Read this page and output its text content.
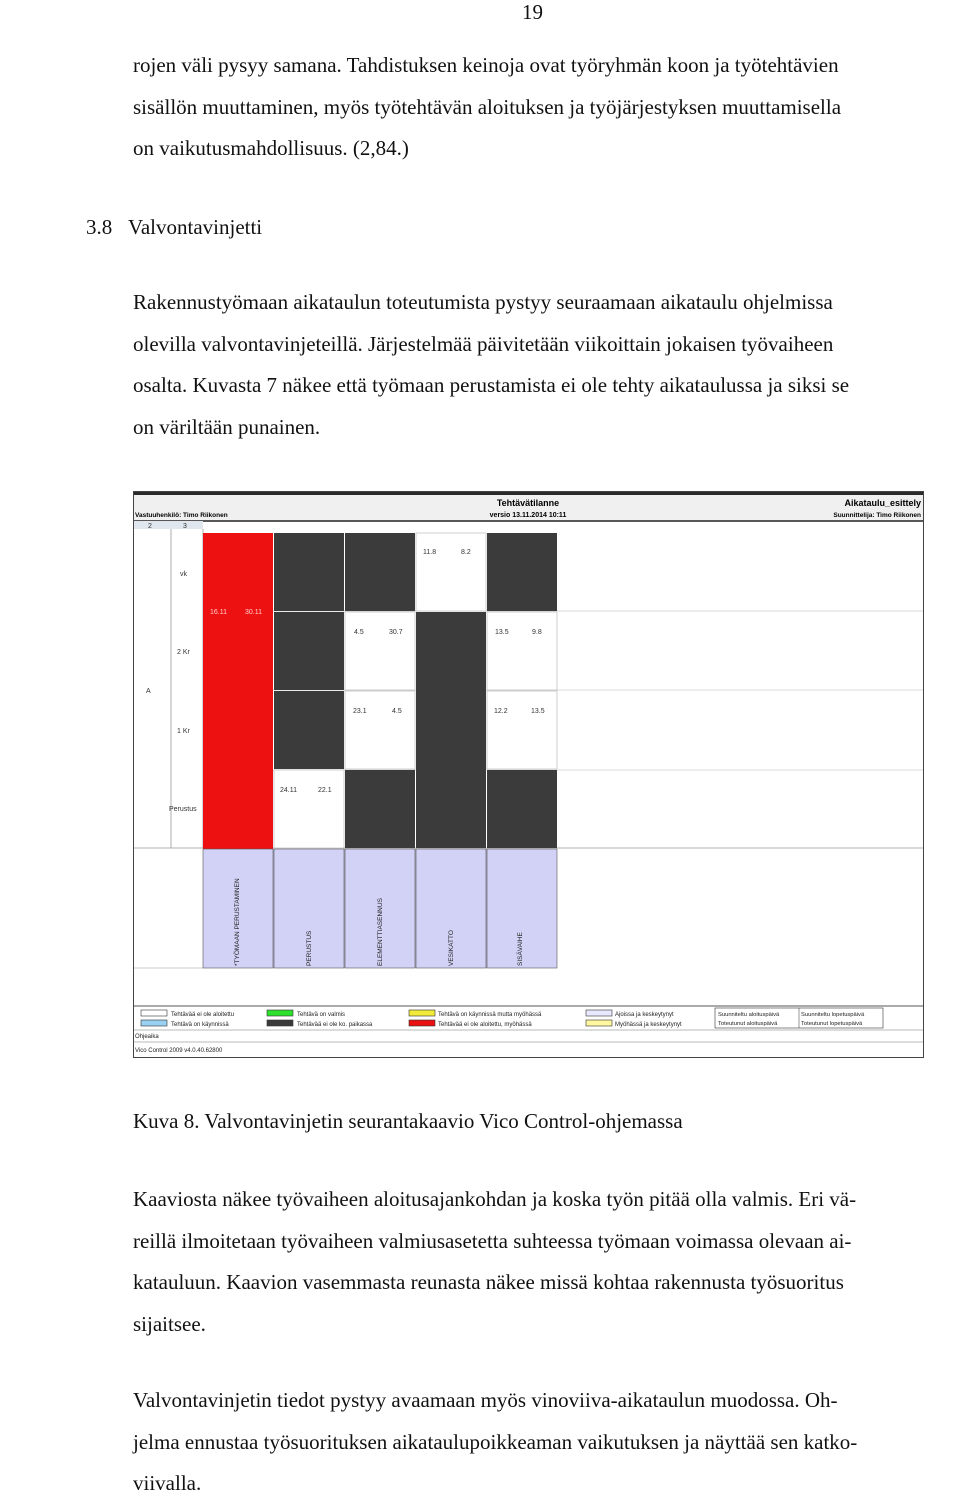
19
rojen väli pysyy samana. Tahdistuksen keinoja ovat työryhmän koon ja työtehtävien
sisällön muuttaminen, myös työtehtävän aloituksen ja työjärjestyksen muuttamisella
on vaikutusmahdollisuus. (2,84.)
3.8 Valvontavinjetti
Rakennustyömaan aikataulun toteutumista pystyy seuraamaan aikataulu ohjelmissa
olevilla valvontavinjeteillä. Järjestelmää päivitetään viikoittain jokaisen työvaiheen
osalta. Kuvasta 7 näkee että työmaan perustamista ei ole tehty aikataulussa ja siksi se
on väriltään punainen.
Tehtävätilanne
versio 13.11.2014 10:11
Vastuuhenkilö: Timo Riikonen
Aikataulu_esittely
Suunnittelija: Timo Riikonen
2	3
vk
2 Kr
A
1 Kr
Perustus
11.8	8.2
16.11	30.11
4.5	30.7	13.5	9.8
23.1	4.5	12.2	13.5
24.11	22.1
*TYÖMAAN PERUSTAMINEN	PERUSTUS	ELEMENTTIASENNUS	VESIKATTO	SISÄVAIHE
Tehtävää ei ole aloitettu
Tehtävä on käynnissä
Tehtävä on valmis
Tehtävää ei ole ko. paikassa
Tehtävä on käynnissä mutta myöhässä
Tehtävää ei ole aloitettu, myöhässä
Ajoissa ja keskeytynyt
Myöhässä ja keskeytynyt
Suunniteltu aloituspäivä	Suunniteltu lopetuspäivä
Toteutunut aloituspäivä	Toteutunut lopetuspäivä
Ohjeaika
Vico Control 2009 v4.0.40.62800
Kuva 8. Valvontavinjetin seurantakaavio Vico Control-ohjemassa
Kaaviosta näkee työvaiheen aloitusajankohdan ja koska työn pitää olla valmis. Eri vä-
reillä ilmoitetaan työvaiheen valmiusasetetta suhteessa työmaan voimassa olevaan ai-
katauluun. Kaavion vasemmasta reunasta näkee missä kohtaa rakennusta työsuoritus
sijaitsee.
Valvontavinjetin tiedot pystyy avaamaan myös vinoviiva-aikataulun muodossa. Oh-
jelma ennustaa työsuorituksen aikataulupoikkeaman vaikutuksen ja näyttää sen katko-
viivalla.
